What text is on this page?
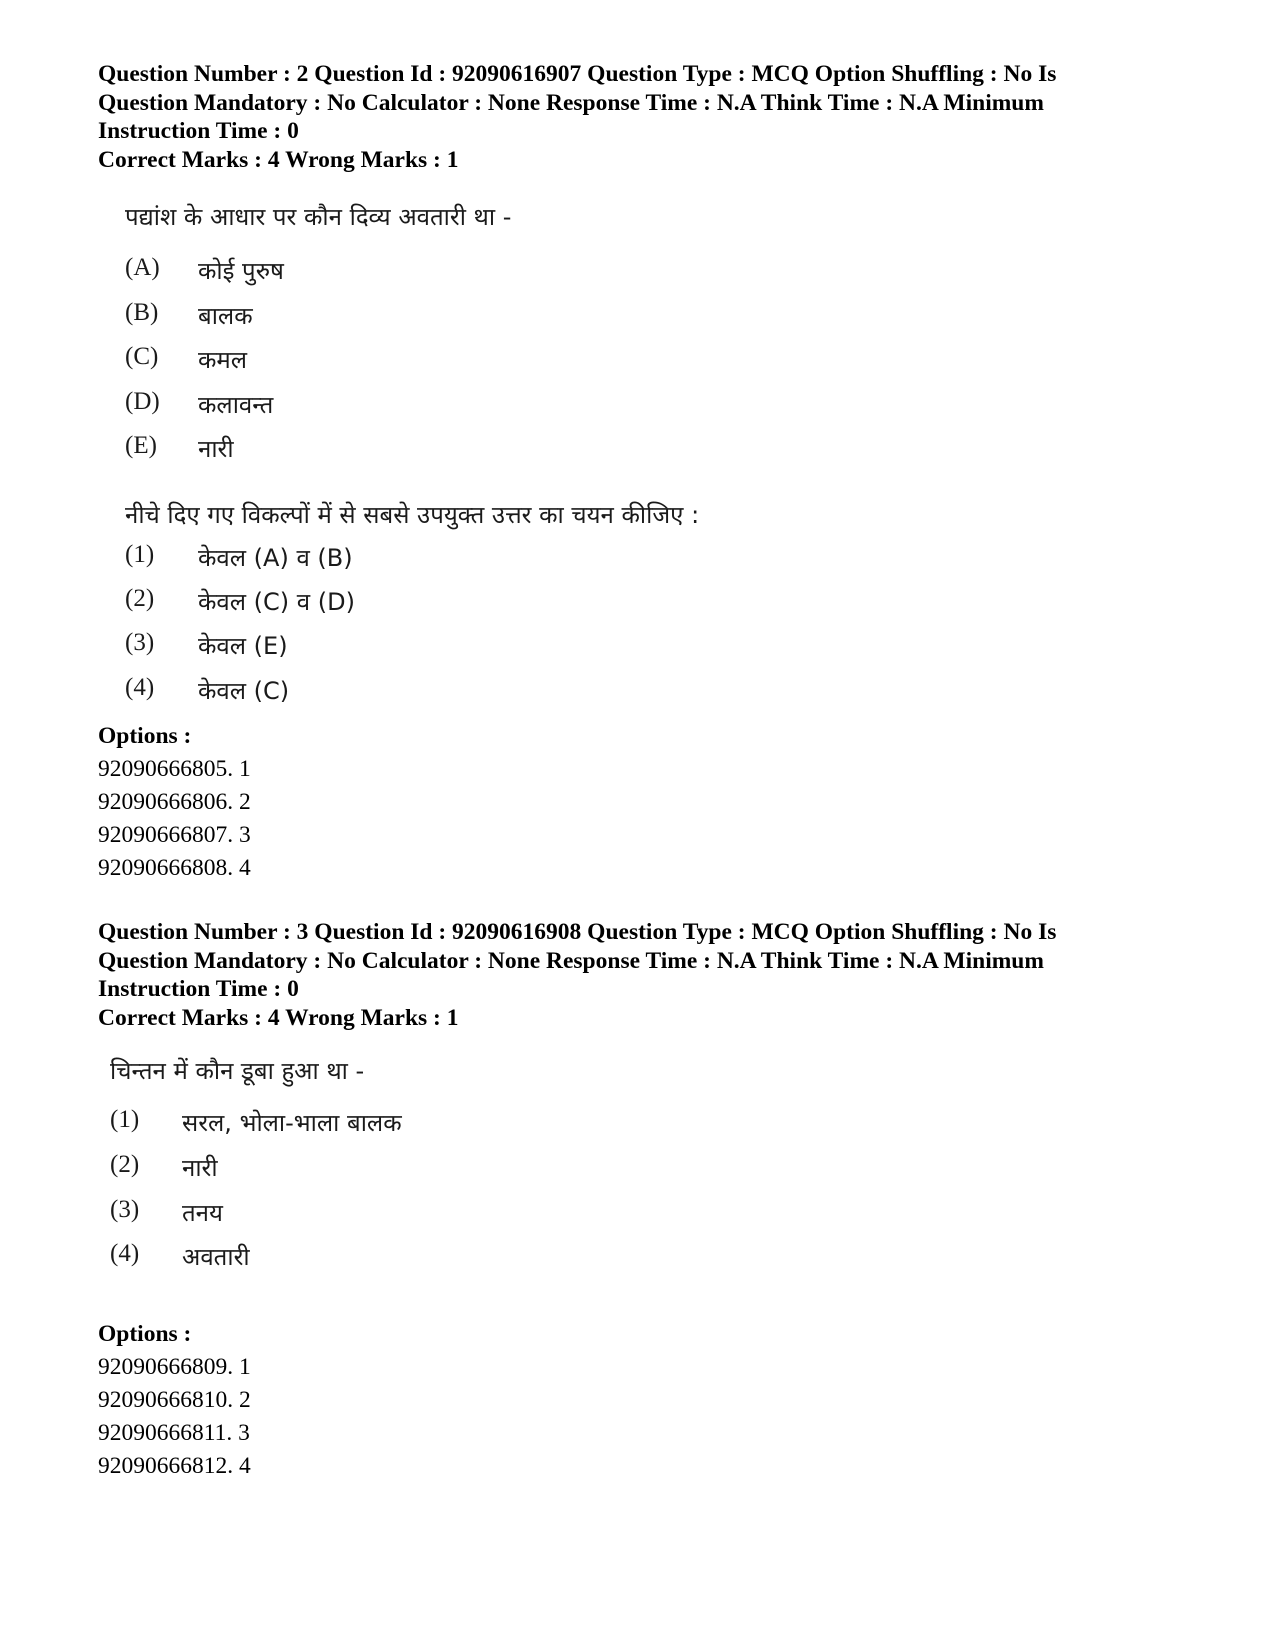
Question Number : 2 Question Id : 92090616907 Question Type : MCQ Option Shuffling : No Is
Question Mandatory : No Calculator : None Response Time : N.A Think Time : N.A Minimum
Instruction Time : 0
Correct Marks : 4 Wrong Marks : 1
पद्यांश के आधार पर कौन दिव्य अवतारी था -
(A) कोई पुरुष
(B) बालक
(C) कमल
(D) कलावन्त
(E) नारी
नीचे दिए गए विकल्पों में से सबसे उपयुक्त उत्तर का चयन कीजिए :
(1) केवल (A) व (B)
(2) केवल (C) व (D)
(3) केवल (E)
(4) केवल (C)
Options :
92090666805. 1
92090666806. 2
92090666807. 3
92090666808. 4
Question Number : 3 Question Id : 92090616908 Question Type : MCQ Option Shuffling : No Is
Question Mandatory : No Calculator : None Response Time : N.A Think Time : N.A Minimum
Instruction Time : 0
Correct Marks : 4 Wrong Marks : 1
चिन्तन में कौन डूबा हुआ था -
(1) सरल, भोला-भाला बालक
(2) नारी
(3) तनय
(4) अवतारी
Options :
92090666809. 1
92090666810. 2
92090666811. 3
92090666812. 4
